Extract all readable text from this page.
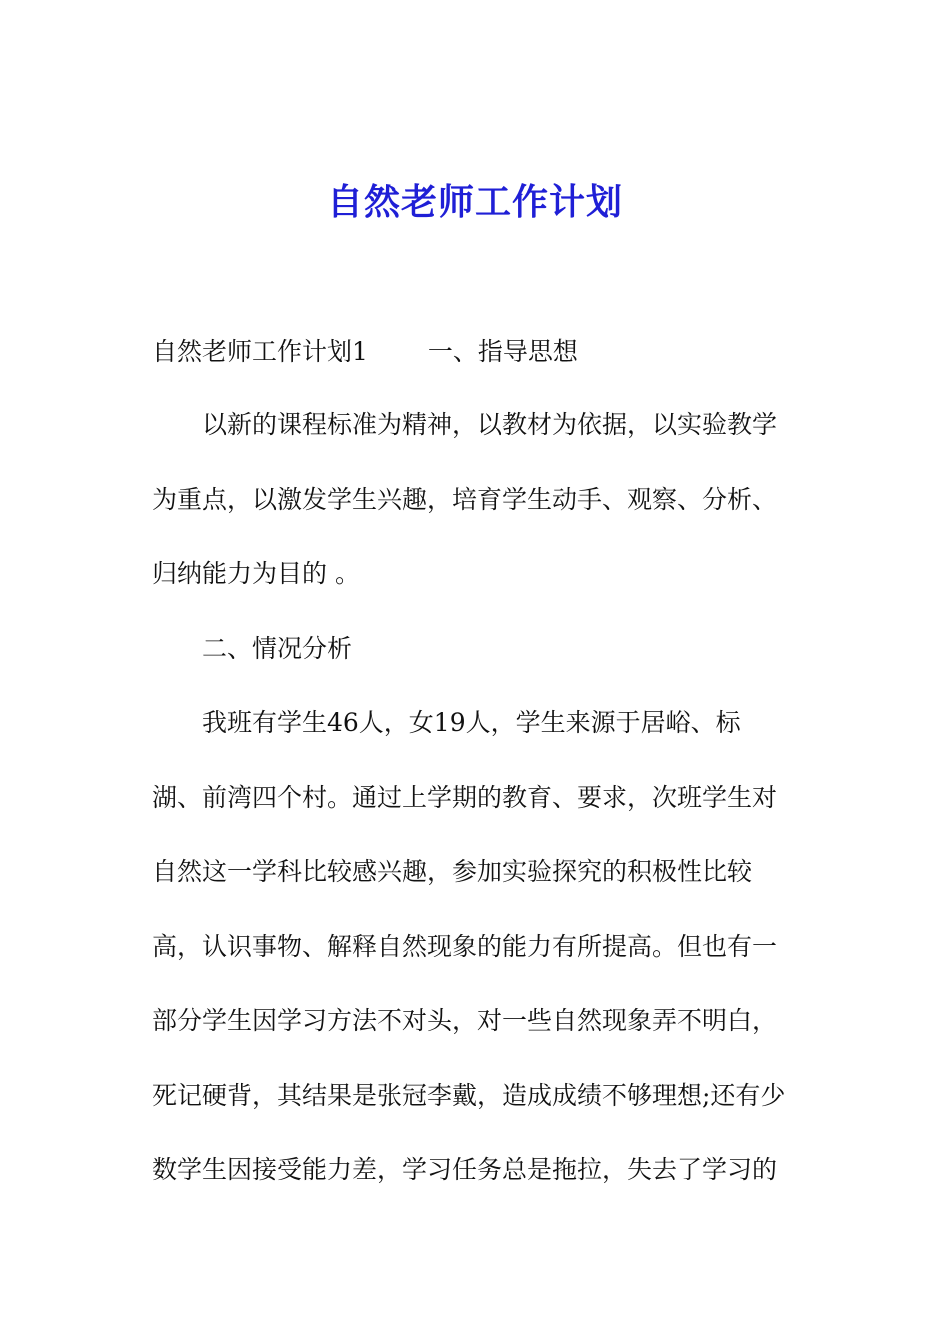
自然老师工作计划
自然老师工作计划1 一、指导思想
以新的课程标准为精神，以教材为依据，以实验教学
为重点，以激发学生兴趣，培育学生动手、观察、分析、
归纳能力为目的 。
二、情况分析
我班有学生46人，女19人，学生来源于居峪、标
湖、前湾四个村。通过上学期的教育、要求，次班学生对
自然这一学科比较感兴趣，参加实验探究的积极性比较
高，认识事物、解释自然现象的能力有所提高。但也有一
部分学生因学习方法不对头，对一些自然现象弄不明白，
死记硬背，其结果是张冠李戴，造成成绩不够理想;还有少
数学生因接受能力差，学习任务总是拖拉，失去了学习的
